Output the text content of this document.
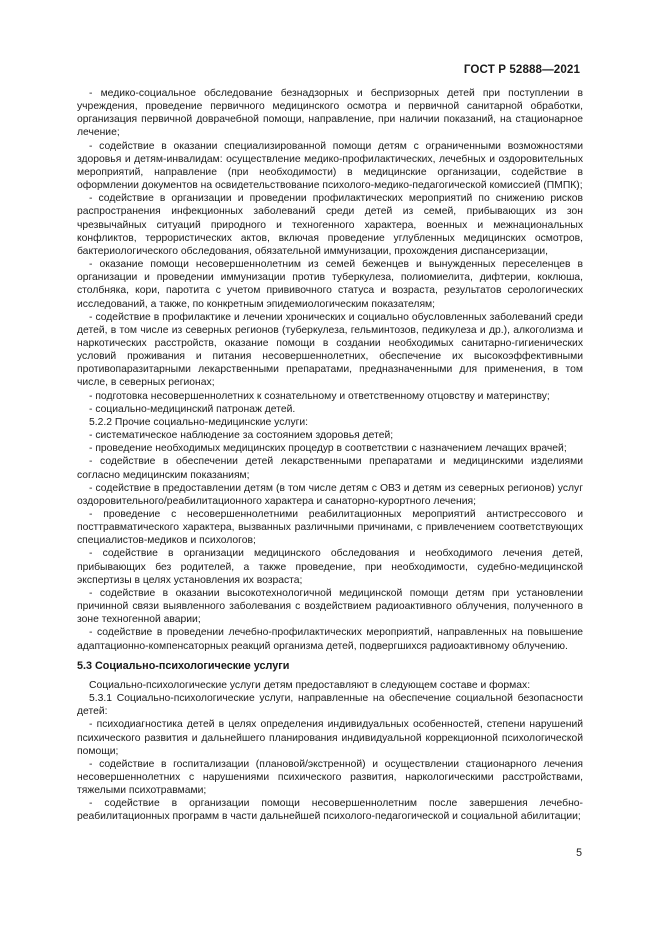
ГОСТ Р 52888—2021

- медико-социальное обследование безнадзорных и беспризорных детей при поступлении в учреждения, проведение первичного медицинского осмотра и первичной санитарной обработки, организация первичной доврачебной помощи, направление, при наличии показаний, на стационарное лечение;

- содействие в оказании специализированной помощи детям с ограниченными возможностями здоровья и детям-инвалидам: осуществление медико-профилактических, лечебных и оздоровительных мероприятий, направление (при необходимости) в медицинские организации, содействие в оформлении документов на освидетельствование психолого-медико-педагогической комиссией (ПМПК);

- содействие в организации и проведении профилактических мероприятий по снижению рисков распространения инфекционных заболеваний среди детей из семей, прибывающих из зон чрезвычайных ситуаций природного и техногенного характера, военных и межнациональных конфликтов, террористических актов, включая проведение углубленных медицинских осмотров, бактериологического обследования, обязательной иммунизации, прохождения диспансеризации,

- оказание помощи несовершеннолетним из семей беженцев и вынужденных переселенцев в организации и проведении иммунизации против туберкулеза, полиомиелита, дифтерии, коклюша, столбняка, кори, паротита с учетом прививочного статуса и возраста, результатов серологических исследований, а также, по конкретным эпидемиологическим показателям;

- содействие в профилактике и лечении хронических и социально обусловленных заболеваний среди детей, в том числе из северных регионов (туберкулеза, гельминтозов, педикулеза и др.), алкоголизма и наркотических расстройств, оказание помощи в создании необходимых санитарно-гигиенических условий проживания и питания несовершеннолетних, обеспечение их высокоэффективными противопаразитарными лекарственными препаратами, предназначенными для применения, в том числе, в северных регионах;

- подготовка несовершеннолетних к сознательному и ответственному отцовству и материнству;

- социально-медицинский патронаж детей.

5.2.2 Прочие социально-медицинские услуги:

- систематическое наблюдение за состоянием здоровья детей;

- проведение необходимых медицинских процедур в соответствии с назначением лечащих врачей;

- содействие в обеспечении детей лекарственными препаратами и медицинскими изделиями согласно медицинским показаниям;

- содействие в предоставлении детям (в том числе детям с ОВЗ и детям из северных регионов) услуг оздоровительного/реабилитационного характера и санаторно-курортного лечения;

- проведение с несовершеннолетними реабилитационных мероприятий антистрессового и посттравматического характера, вызванных различными причинами, с привлечением соответствующих специалистов-медиков и психологов;

- содействие в организации медицинского обследования и необходимого лечения детей, прибывающих без родителей, а также проведение, при необходимости, судебно-медицинской экспертизы в целях установления их возраста;

- содействие в оказании высокотехнологичной медицинской помощи детям при установлении причинной связи выявленного заболевания с воздействием радиоактивного облучения, полученного в зоне техногенной аварии;

- содействие в проведении лечебно-профилактических мероприятий, направленных на повышение адаптационно-компенсаторных реакций организма детей, подвергшихся радиоактивному облучению.

5.3 Социально-психологические услуги

Социально-психологические услуги детям предоставляют в следующем составе и формах:

5.3.1 Социально-психологические услуги, направленные на обеспечение социальной безопасности детей:

- психодиагностика детей в целях определения индивидуальных особенностей, степени нарушений психического развития и дальнейшего планирования индивидуальной коррекционной психологической помощи;

- содействие в госпитализации (плановой/экстренной) и осуществлении стационарного лечения несовершеннолетних с нарушениями психического развития, наркологическими расстройствами, тяжелыми психотравмами;

- содействие в организации помощи несовершеннолетним после завершения лечебно-реабилитационных программ в части дальнейшей психолого-педагогической и социальной абилитации;

5
